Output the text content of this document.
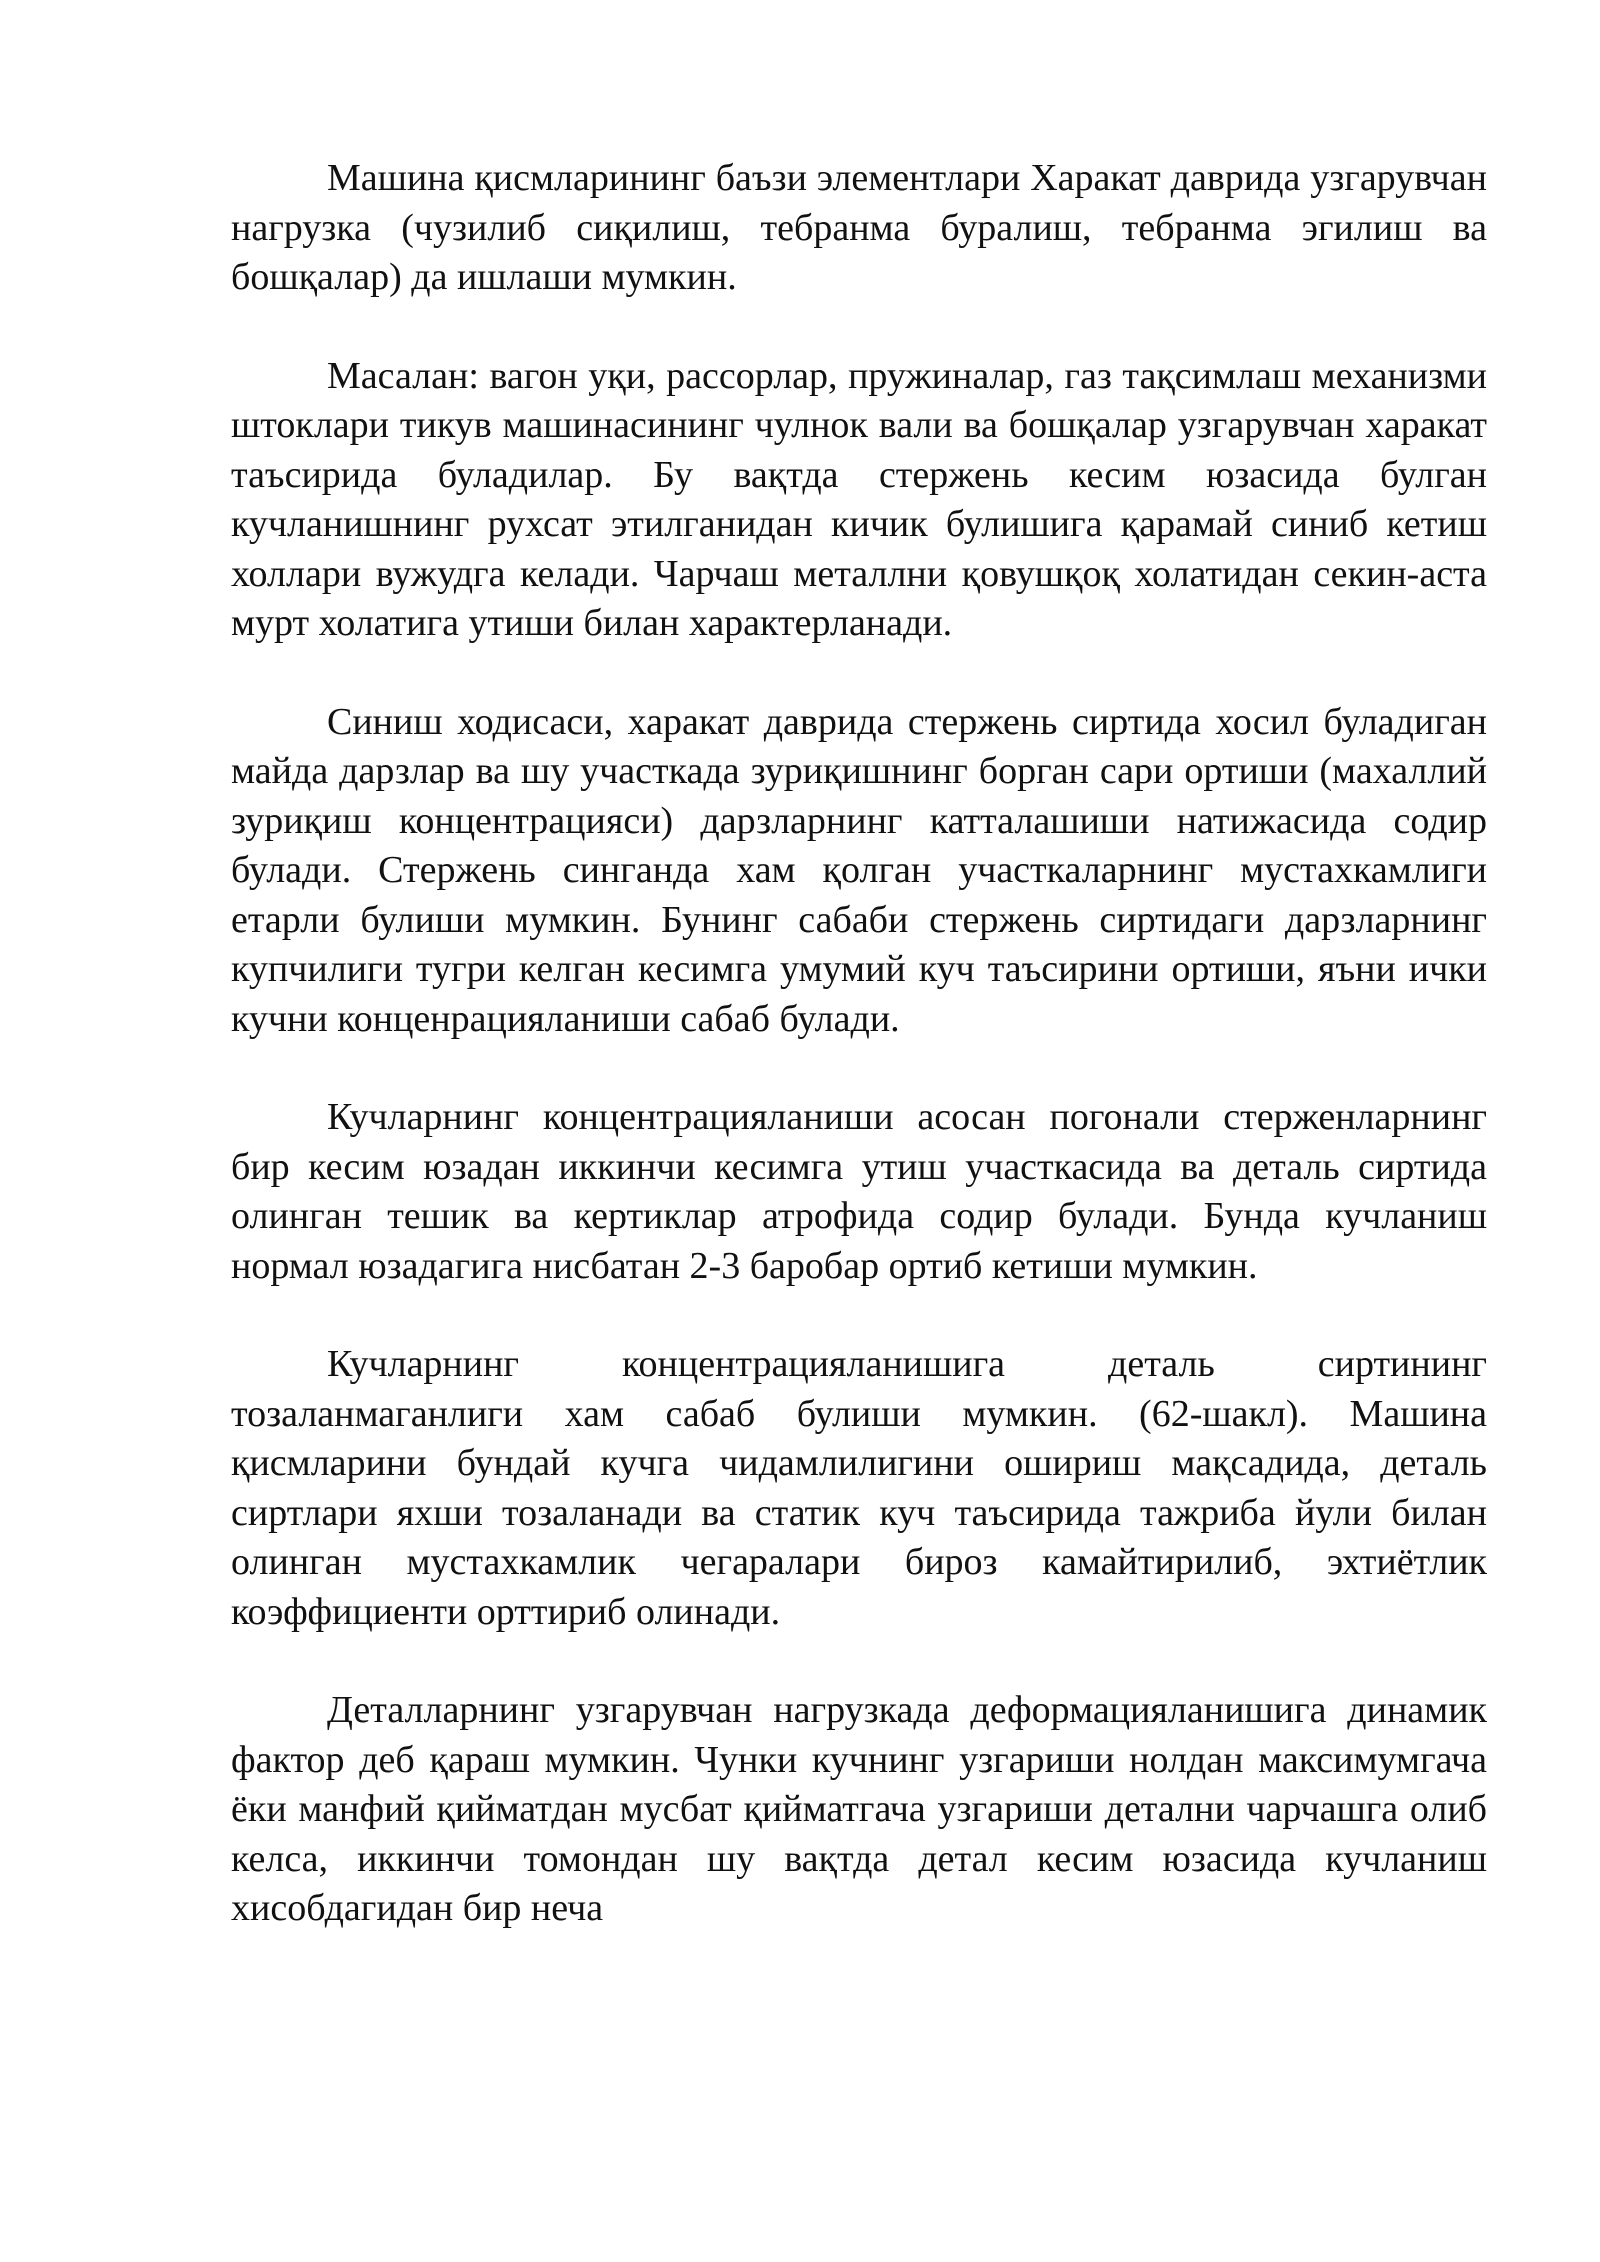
Машина қисмларининг баъзи элементлари Харакат даврида узгарувчан нагрузка (чузилиб сиқилиш, тебранма буралиш, тебранма эгилиш ва бошқалар) да ишлаши мумкин.

Масалан: вагон уқи, рассорлар, пружиналар, газ тақсимлаш механизми штоклари тикув машинасининг чулнок вали ва бошқалар узгарувчан харакат таъсирида буладилар. Бу вақтда стержень кесим юзасида булган кучланишнинг рухсат этилганидан кичик булишига қарамай синиб кетиш холлари вужудга келади. Чарчаш металлни қовушқоқ холатидан секин-аста мурт холатига утиши билан характерланади.

Синиш ходисаси, харакат даврида стержень сиртида хосил буладиган майда дарзлар ва шу участкада зуриқишнинг борган сари ортиши (махаллий зуриқиш концентрацияси) дарзларнинг катталашиши натижасида содир булади. Стержень синганда хам қолган участкаларнинг мустахкамлиги етарли булиши мумкин. Бунинг сабаби стержень сиртидаги дарзларнинг купчилиги тугри келган кесимга умумий куч таъсирини ортиши, яъни ички кучни конценрацияланиши сабаб булади.

Кучларнинг концентрацияланиши асосан погонали стерженларнинг бир кесим юзадан иккинчи кесимга утиш участкасида ва деталь сиртида олинган тешик ва кертиклар атрофида содир булади. Бунда кучланиш нормал юзадагига нисбатан 2-3 баробар ортиб кетиши мумкин.

Кучларнинг концентрацияланишига деталь сиртининг тозаланмаганлиги хам сабаб булиши мумкин. (62-шакл). Машина қисмларини бундай кучга чидамлилигини ошириш мақсадида, деталь сиртлари яхши тозаланади ва статик куч таъсирида тажриба йули билан олинган мустахкамлик чегаралари бироз камайтирилиб, эхтиётлик коэффициенти орттириб олинади.

Деталларнинг узгарувчан нагрузкада деформацияланишига динамик фактор деб қараш мумкин. Чунки кучнинг узгариши нолдан максимумгача ёки манфий қийматдан мусбат қийматгача узгариши детални чарчашга олиб келса, иккинчи томондан шу вақтда детал кесим юзасида кучланиш хисобдагидан бир неча
